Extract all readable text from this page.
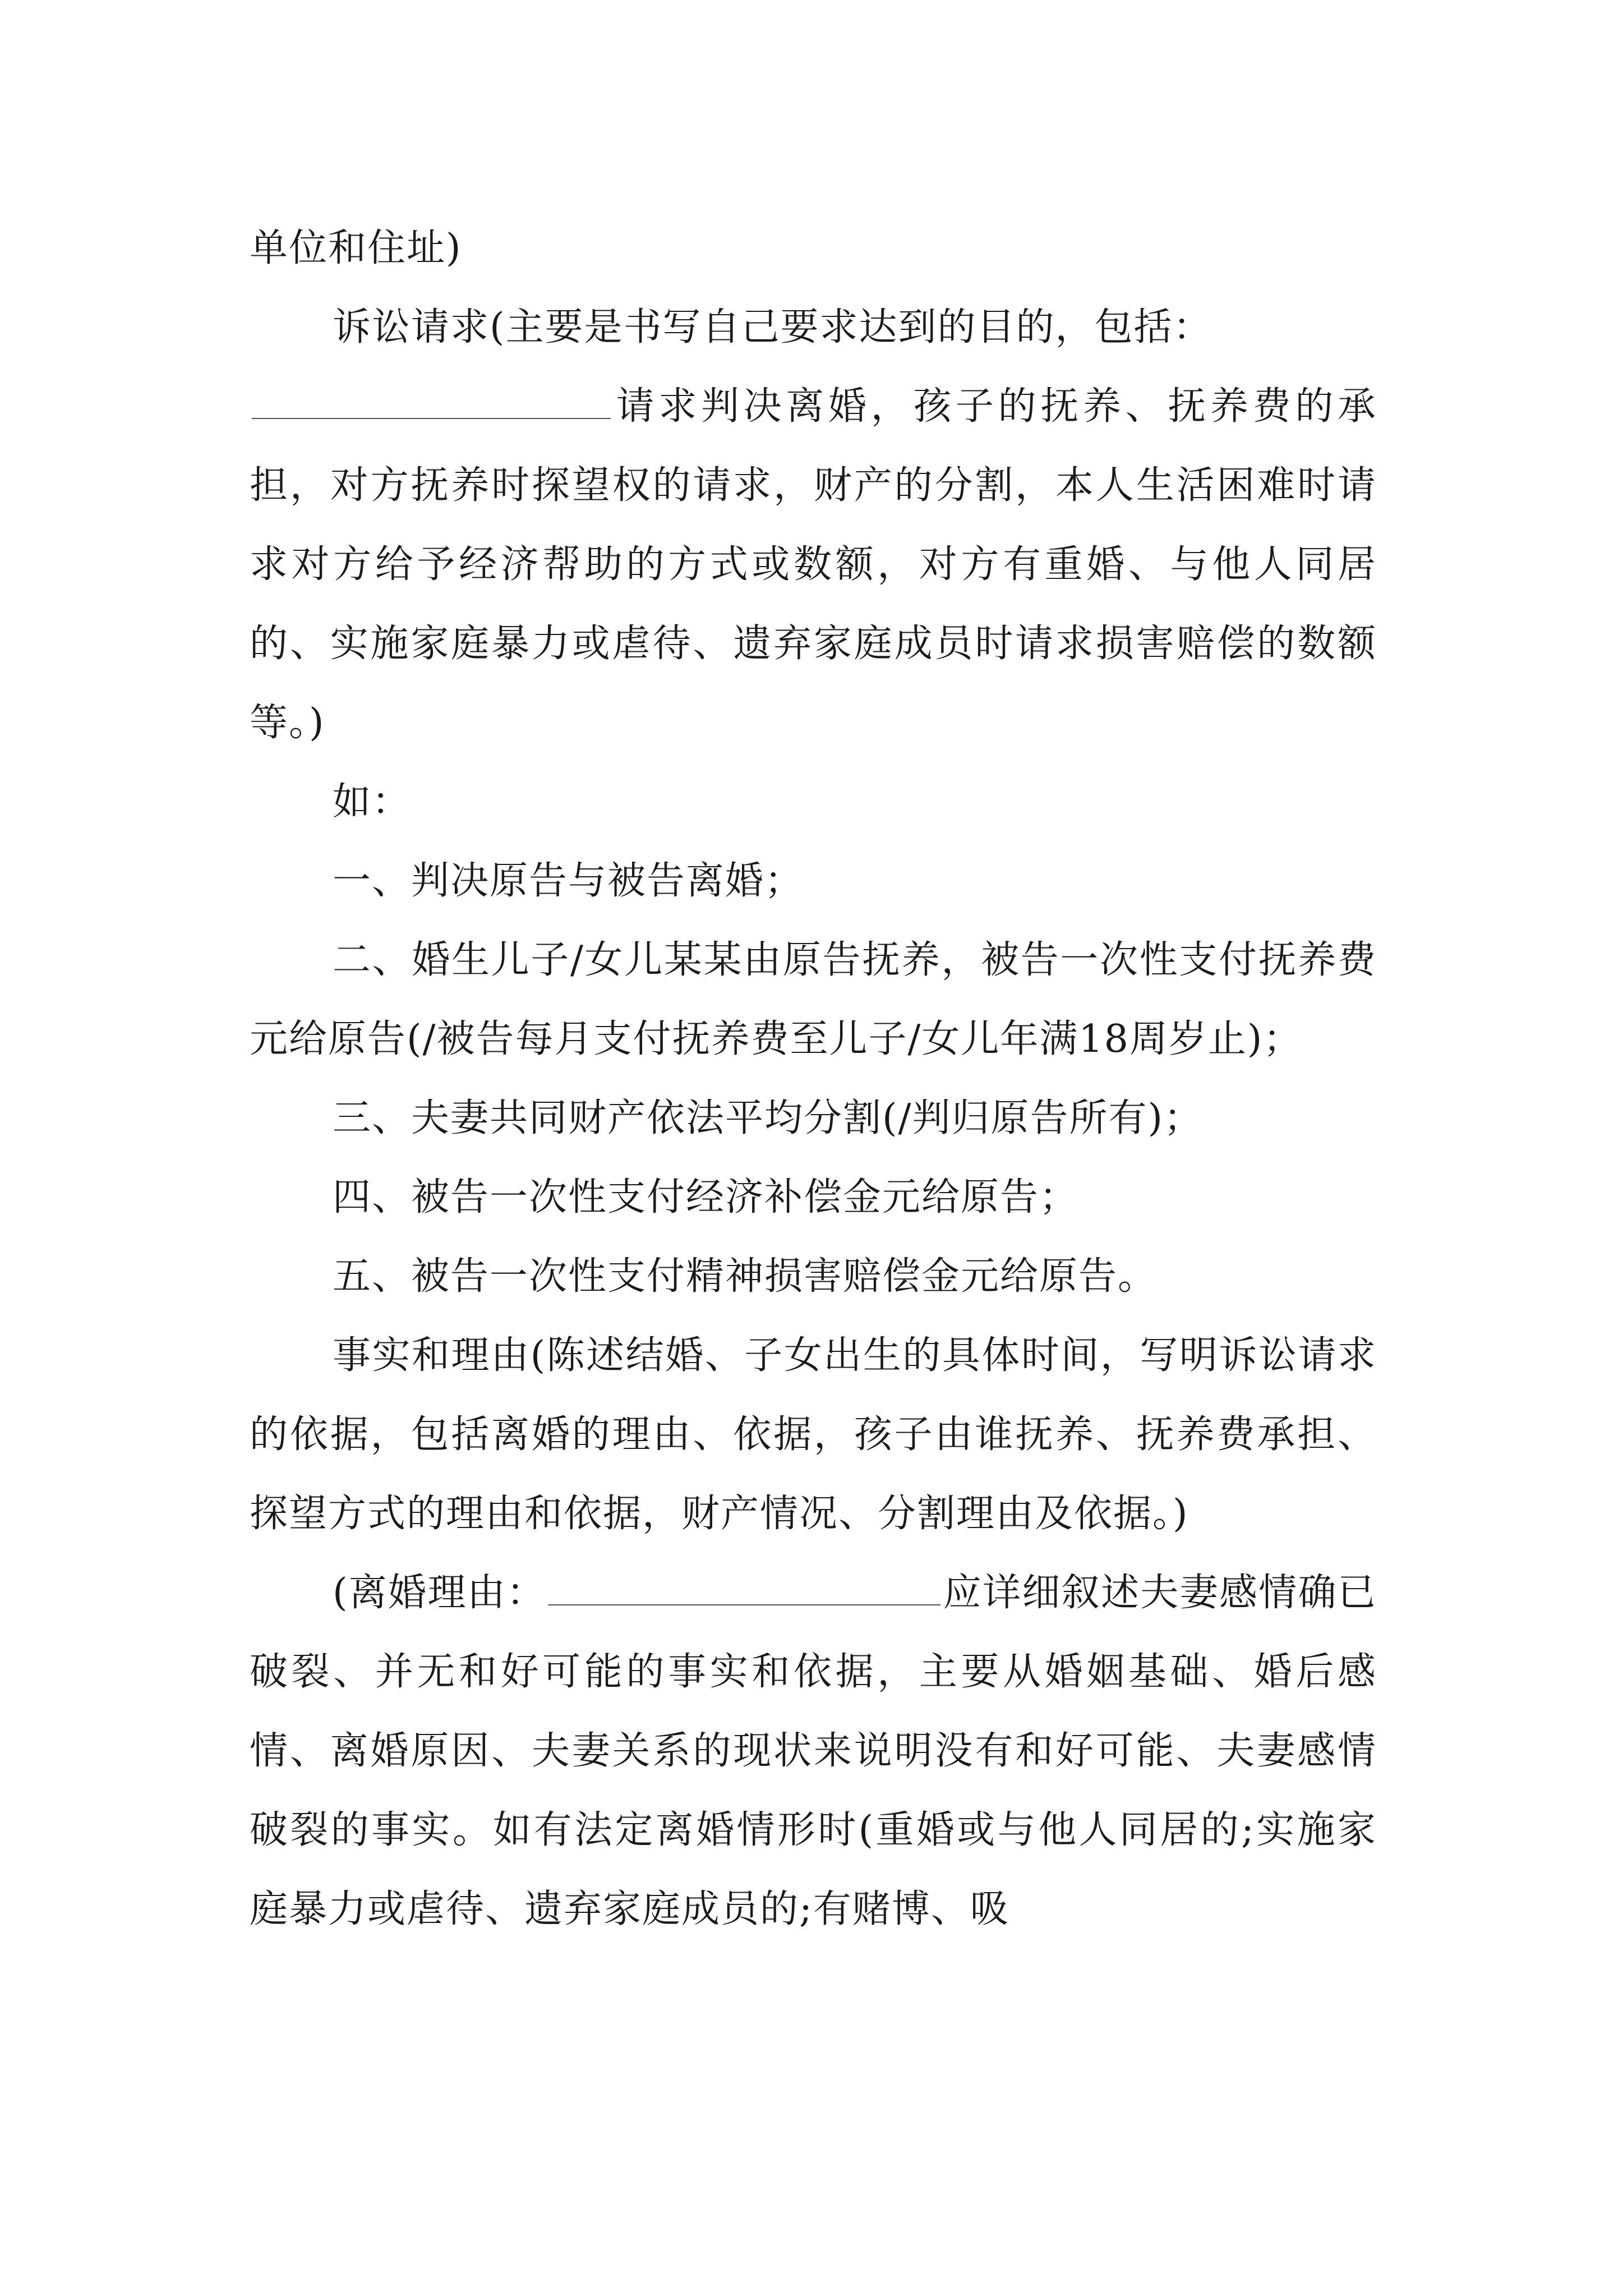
单位和住址)

诉讼请求(主要是书写自己要求达到的目的，包括：
请求判决离婚，孩子的抚养、抚养费的承担，对方抚养时探望权的请求，财产的分割，本人生活困难时请求对方给予经济帮助的方式或数额，对方有重婚、与他人同居的、实施家庭暴力或虐待、遗弃家庭成员时请求损害赔偿的数额等。)

如：

一、判决原告与被告离婚；

二、婚生儿子/女儿某某由原告抚养，被告一次性支付抚养费元给原告(/被告每月支付抚养费至儿子/女儿年满18周岁止)；

三、夫妻共同财产依法平均分割(/判归原告所有)；

四、被告一次性支付经济补偿金元给原告；

五、被告一次性支付精神损害赔偿金元给原告。

事实和理由(陈述结婚、子女出生的具体时间，写明诉讼请求的依据，包括离婚的理由、依据，孩子由谁抚养、抚养费承担、探望方式的理由和依据，财产情况、分割理由及依据。)

(离婚理由：	应详细叙述夫妻感情确已破裂、并无和好可能的事实和依据，主要从婚姻基础、婚后感情、离婚原因、夫妻关系的现状来说明没有和好可能、夫妻感情破裂的事实。如有法定离婚情形时(重婚或与他人同居的;实施家庭暴力或虐待、遗弃家庭成员的;有赌博、吸
